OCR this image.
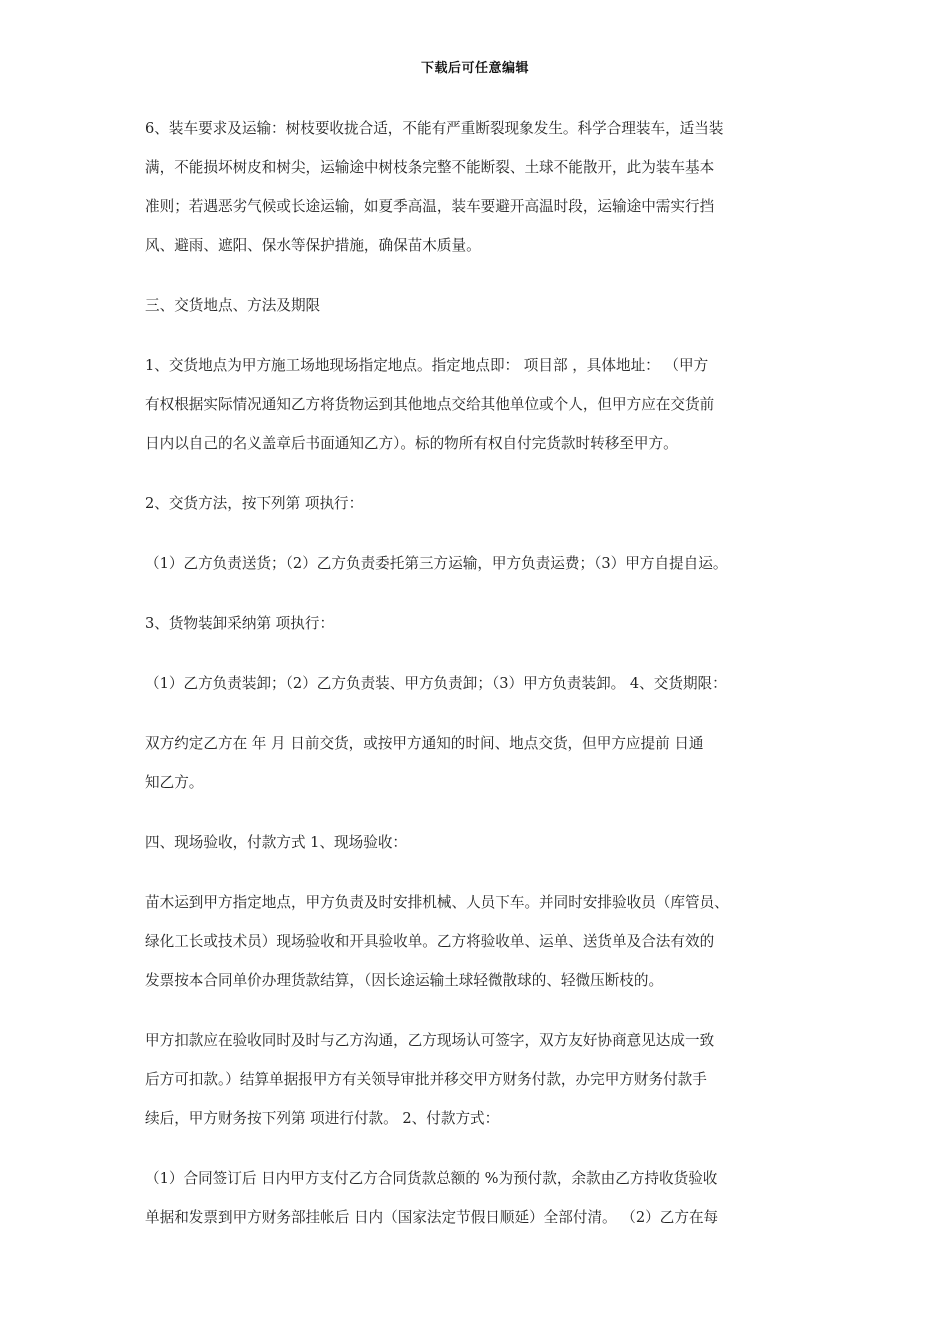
下载后可任意编辑
6、装车要求及运输：树枝要收拢合适，不能有严重断裂现象发生。科学合理装车，适当装
满，不能损坏树皮和树尖，运输途中树枝条完整不能断裂、土球不能散开，此为装车基本
准则；若遇恶劣气候或长途运输，如夏季高温，装车要避开高温时段，运输途中需实行挡
风、避雨、遮阳、保水等保护措施，确保苗木质量。
三、交货地点、方法及期限
1、交货地点为甲方施工场地现场指定地点。指定地点即： 项目部 ，具体地址： （甲方
有权根据实际情况通知乙方将货物运到其他地点交给其他单位或个人，但甲方应在交货前
日内以自己的名义盖章后书面通知乙方）。标的物所有权自付完货款时转移至甲方。
2、交货方法，按下列第 项执行：
（1）乙方负责送货；（2）乙方负责委托第三方运输，甲方负责运费；（3）甲方自提自运。
3、货物装卸采纳第 项执行：
（1）乙方负责装卸；（2）乙方负责装、甲方负责卸；（3）甲方负责装卸。 4、交货期限：
双方约定乙方在 年 月 日前交货，或按甲方通知的时间、地点交货，但甲方应提前 日通
知乙方。
四、现场验收，付款方式 1、现场验收：
苗木运到甲方指定地点，甲方负责及时安排机械、人员下车。并同时安排验收员（库管员、
绿化工长或技术员）现场验收和开具验收单。乙方将验收单、运单、送货单及合法有效的
发票按本合同单价办理货款结算，（因长途运输土球轻微散球的、轻微压断枝的。
甲方扣款应在验收同时及时与乙方沟通，乙方现场认可签字，双方友好协商意见达成一致
后方可扣款。）结算单据报甲方有关领导审批并移交甲方财务付款，办完甲方财务付款手
续后，甲方财务按下列第 项进行付款。 2、付款方式：
（1）合同签订后 日内甲方支付乙方合同货款总额的 %为预付款，余款由乙方持收货验收
单据和发票到甲方财务部挂帐后 日内（国家法定节假日顺延）全部付清。 （2）乙方在每
